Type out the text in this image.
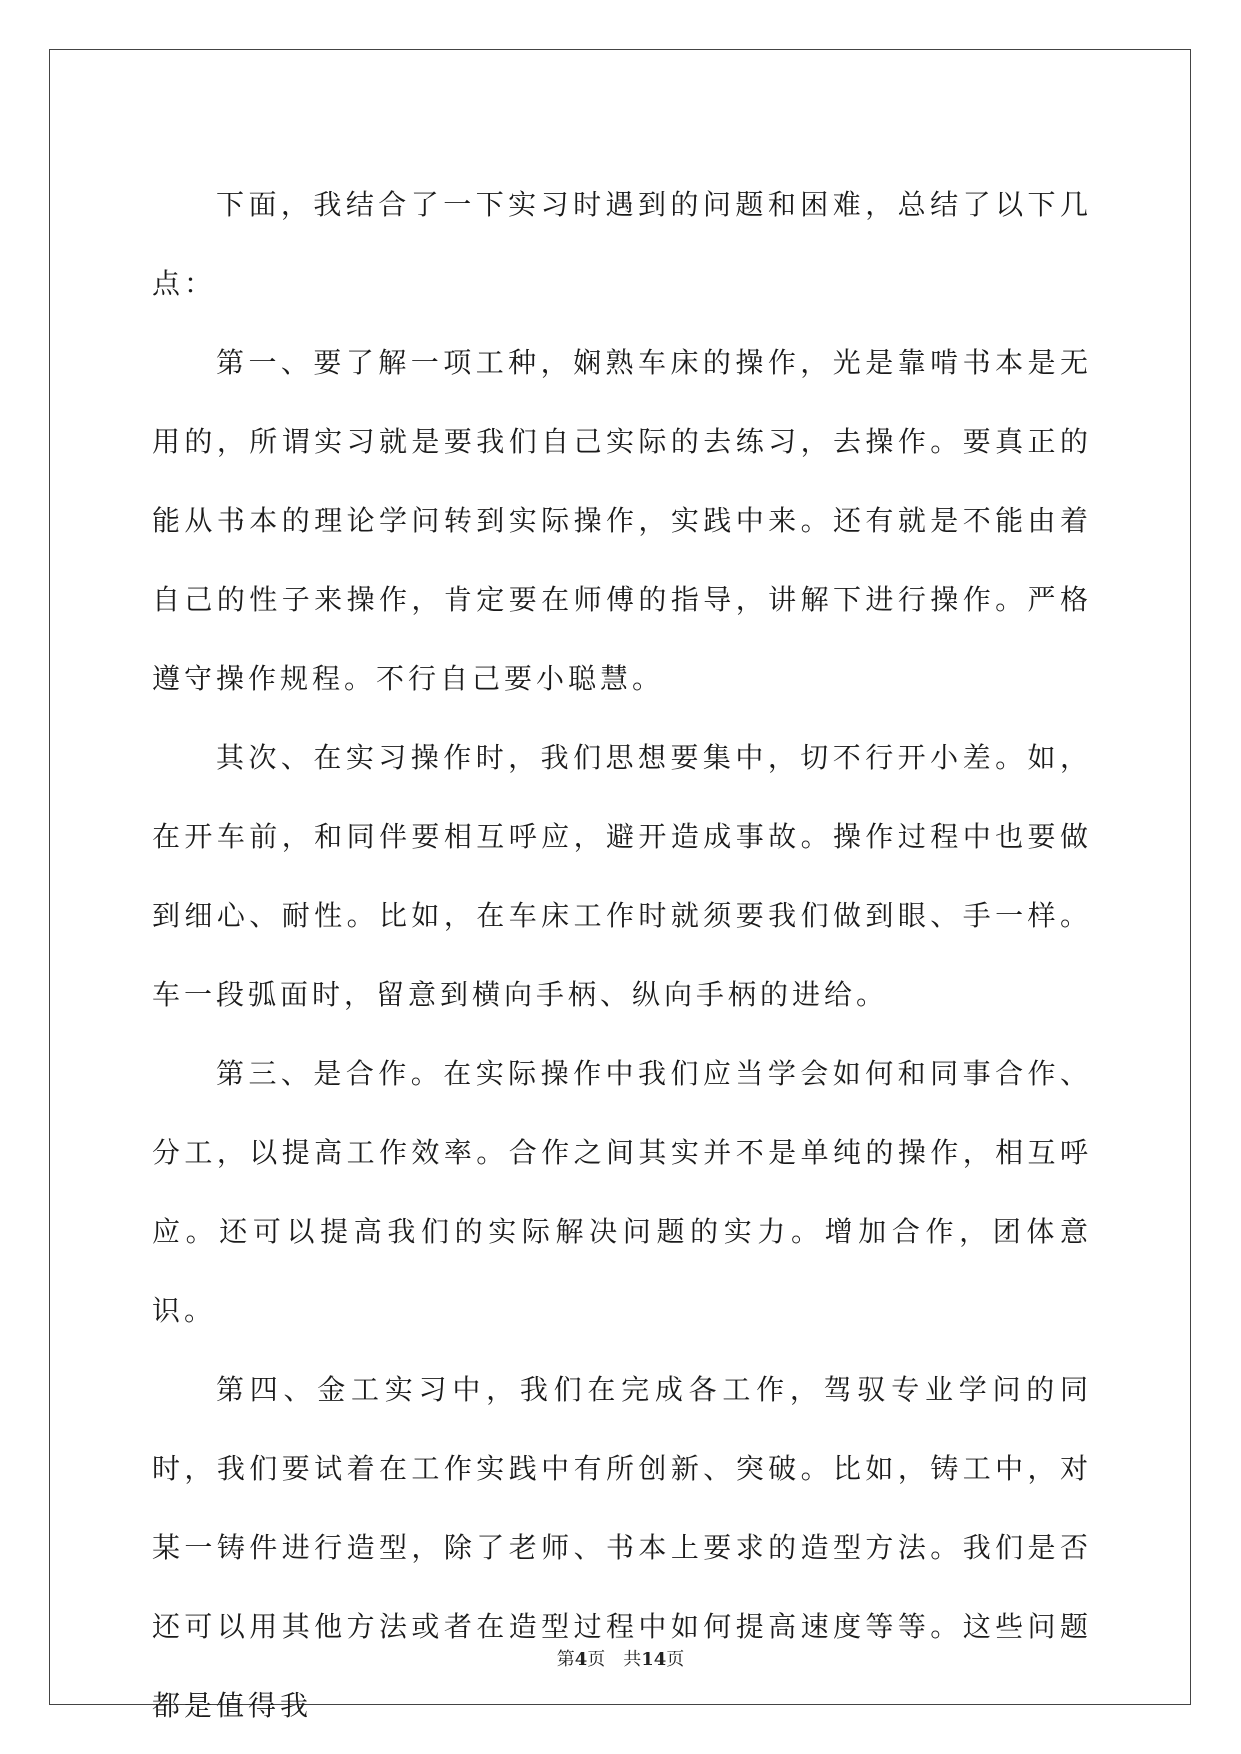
下面，我结合了一下实习时遇到的问题和困难，总结了以下几点：

第一、要了解一项工种，娴熟车床的操作，光是靠啃书本是无用的，所谓实习就是要我们自己实际的去练习，去操作。要真正的能从书本的理论学问转到实际操作，实践中来。还有就是不能由着自己的性子来操作，肯定要在师傅的指导，讲解下进行操作。严格遵守操作规程。不行自己要小聪慧。

其次、在实习操作时，我们思想要集中，切不行开小差。如，在开车前，和同伴要相互呼应，避开造成事故。操作过程中也要做到细心、耐性。比如，在车床工作时就须要我们做到眼、手一样。车一段弧面时，留意到横向手柄、纵向手柄的进给。

第三、是合作。在实际操作中我们应当学会如何和同事合作、分工，以提高工作效率。合作之间其实并不是单纯的操作，相互呼应。还可以提高我们的实际解决问题的实力。增加合作，团体意识。

第四、金工实习中，我们在完成各工作，驾驭专业学问的同时，我们要试着在工作实践中有所创新、突破。比如，铸工中，对某一铸件进行造型，除了老师、书本上要求的造型方法。我们是否还可以用其他方法或者在造型过程中如何提高速度等等。这些问题都是值得我

第4页 共14页
